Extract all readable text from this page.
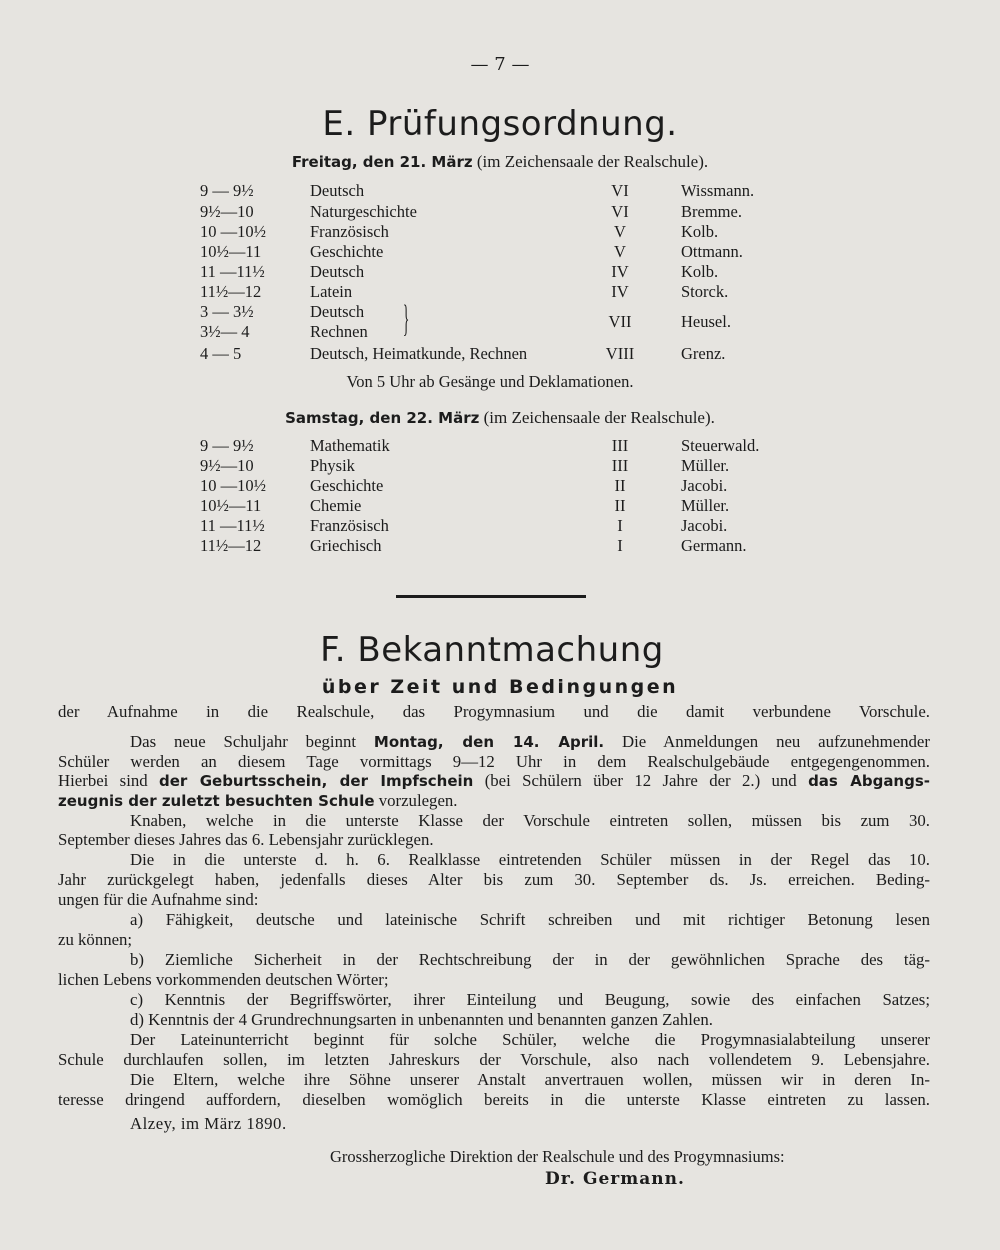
— 7 —
E. Prüfungsordnung.
Freitag, den 21. März (im Zeichensaale der Realschule).
9 — 9½	Deutsch	VI	Wissmann.
9½—10	Naturgeschichte	VI	Bremme.
10 —10½	Französisch	V	Kolb.
10½—11	Geschichte	V	Ottmann.
11 —11½	Deutsch	IV	Kolb.
11½—12	Latein	IV	Storck.
3 — 3½	Deutsch }	VII	Heusel.
3½— 4	Rechnen
4 — 5	Deutsch, Heimatkunde, Rechnen	VIII	Grenz.
Von 5 Uhr ab Gesänge und Deklamationen.
Samstag, den 22. März (im Zeichensaale der Realschule).
9 — 9½	Mathematik	III	Steuerwald.
9½—10	Physik	III	Müller.
10 —10½	Geschichte	II	Jacobi.
10½—11	Chemie	II	Müller.
11 —11½	Französisch	I	Jacobi.
11½—12	Griechisch	I	Germann.
F. Bekanntmachung
über Zeit und Bedingungen
der Aufnahme in die Realschule, das Progymnasium und die damit verbundene Vorschule.
Das neue Schuljahr beginnt Montag, den 14. April. Die Anmeldungen neu aufzunehmender
Schüler werden an diesem Tage vormittags 9—12 Uhr in dem Realschulgebäude entgegengenommen.
Hierbei sind der Geburtsschein, der Impfschein (bei Schülern über 12 Jahre der 2.) und das Abgangs-
zeugnis der zuletzt besuchten Schule vorzulegen.
Knaben, welche in die unterste Klasse der Vorschule eintreten sollen, müssen bis zum 30.
September dieses Jahres das 6. Lebensjahr zurücklegen.
Die in die unterste d. h. 6. Realklasse eintretenden Schüler müssen in der Regel das 10.
Jahr zurückgelegt haben, jedenfalls dieses Alter bis zum 30. September ds. Js. erreichen. Beding-
ungen für die Aufnahme sind:
a) Fähigkeit, deutsche und lateinische Schrift schreiben und mit richtiger Betonung lesen
zu können;
b) Ziemliche Sicherheit in der Rechtschreibung der in der gewöhnlichen Sprache des täg-
lichen Lebens vorkommenden deutschen Wörter;
c) Kenntnis der Begriffswörter, ihrer Einteilung und Beugung, sowie des einfachen Satzes;
d) Kenntnis der 4 Grundrechnungsarten in unbenannten und benannten ganzen Zahlen.
Der Lateinunterricht beginnt für solche Schüler, welche die Progymnasialabteilung unserer
Schule durchlaufen sollen, im letzten Jahreskurs der Vorschule, also nach vollendetem 9. Lebensjahre.
Die Eltern, welche ihre Söhne unserer Anstalt anvertrauen wollen, müssen wir in deren In-
teresse dringend auffordern, dieselben womöglich bereits in die unterste Klasse eintreten zu lassen.
Alzey, im März 1890.
Grossherzogliche Direktion der Realschule und des Progymnasiums:
Dr. Germann.
